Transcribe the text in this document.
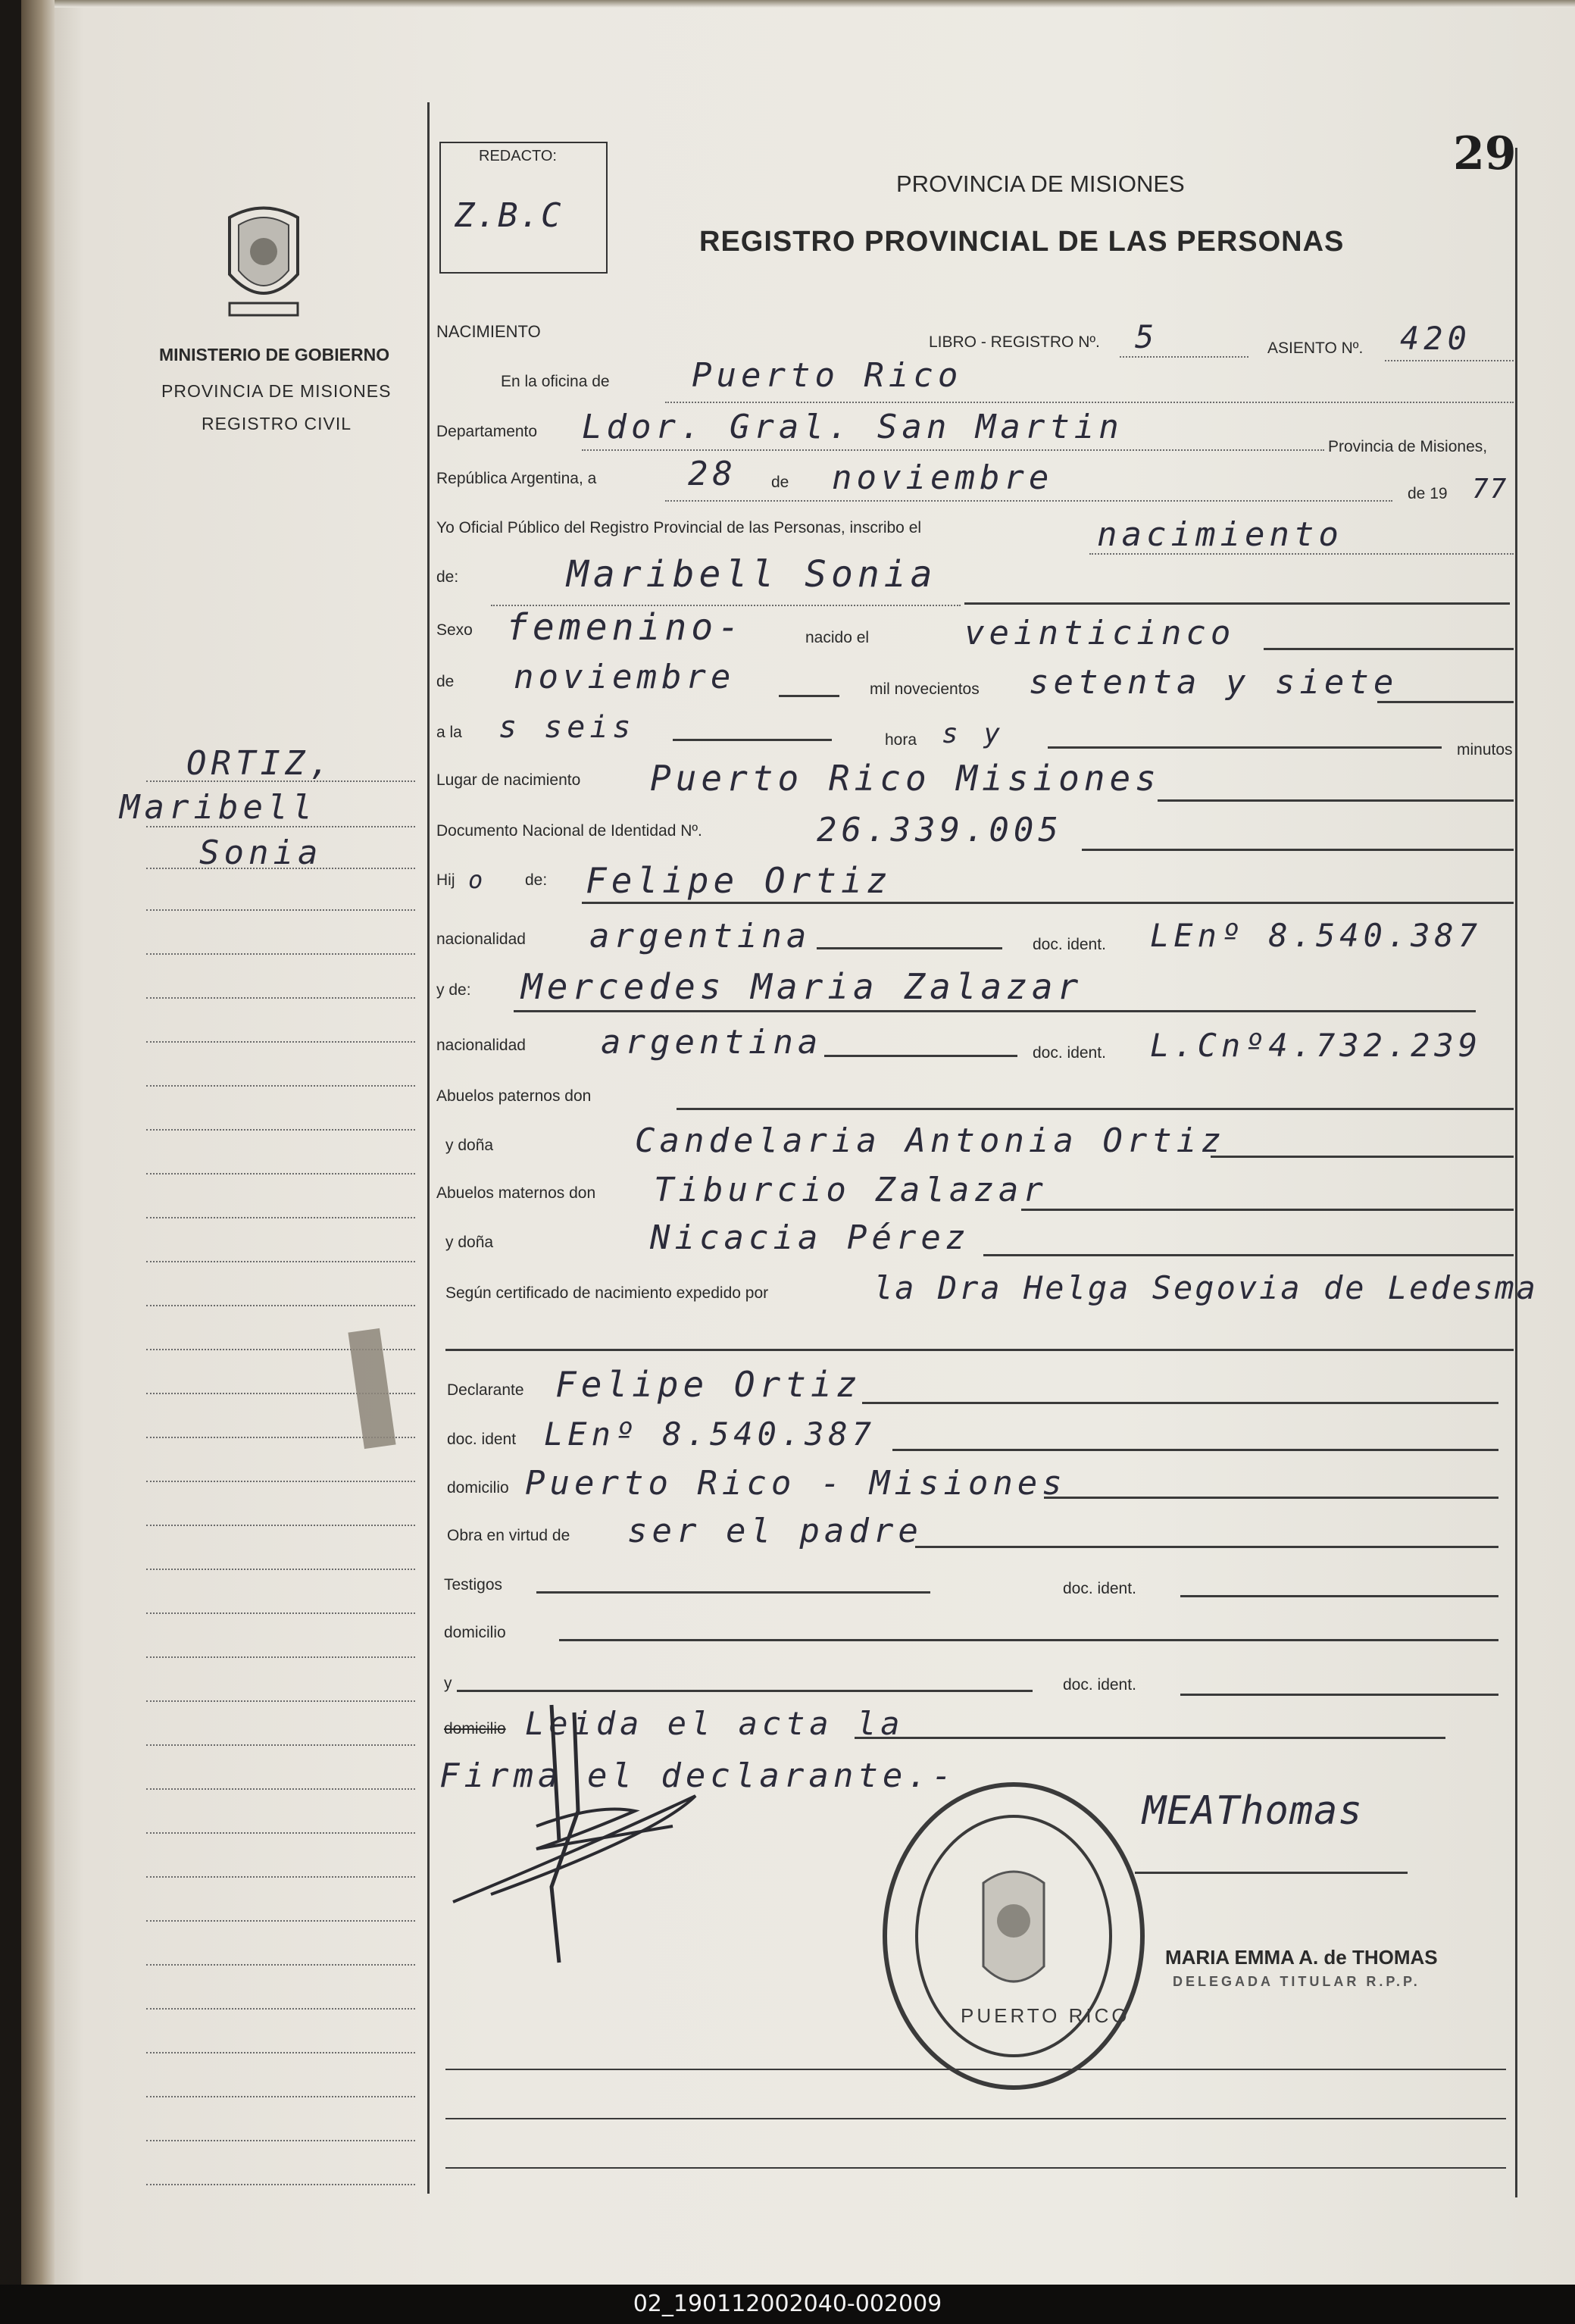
29
REDACTO:
Z.B.C
PROVINCIA DE MISIONES
REGISTRO PROVINCIAL DE LAS PERSONAS
MINISTERIO DE GOBIERNO
PROVINCIA DE MISIONES
REGISTRO CIVIL
ORTIZ,
Maribell
Sonia
NACIMIENTO
LIBRO - REGISTRO Nº. 5	ASIENTO Nº. 420
En la oficina de Puerto Rico
Departamento Ldor. Gral. San Martin
Provincia de Misiones,
República Argentina, a	28 de noviembre	de 19 77
Yo Oficial Público del Registro Provincial de las Personas, inscribo el	nacimiento
de:	Maribell Sonia
Sexo femenino-	nacido el	veinticinco
de noviembre	mil novecientos setenta y siete
a la s seis	hora s y
minutos
Lugar de nacimiento Puerto Rico Misiones
Documento Nacional de Identidad Nº.	26.339.005
Hij o de: Felipe Ortiz
nacionalidad argentina	doc. ident. LEnº 8.540.387
y de: Mercedes Maria Zalazar
nacionalidad argentina	doc. ident. L.Cnº4.732.239
Abuelos paternos don
y doña	Candelaria Antonia Ortiz
Abuelos maternos don Tiburcio Zalazar
y doña	Nicacia Pérez
Según certificado de nacimiento expedido por	la Dra Helga Segovia de Ledesma
Declarante Felipe Ortiz
doc. ident LEnº 8.540.387
domicilio Puerto Rico - Misiones
Obra en virtud de ser el padre
Testigos	doc. ident.
domicilio
y	doc. ident.
domicilio Leida el acta la
Firma el declarante.-
PUERTO RICO
MEAThomas
MARIA EMMA A. de THOMAS
DELEGADA TITULAR R.P.P.
02_190112002040-002009
